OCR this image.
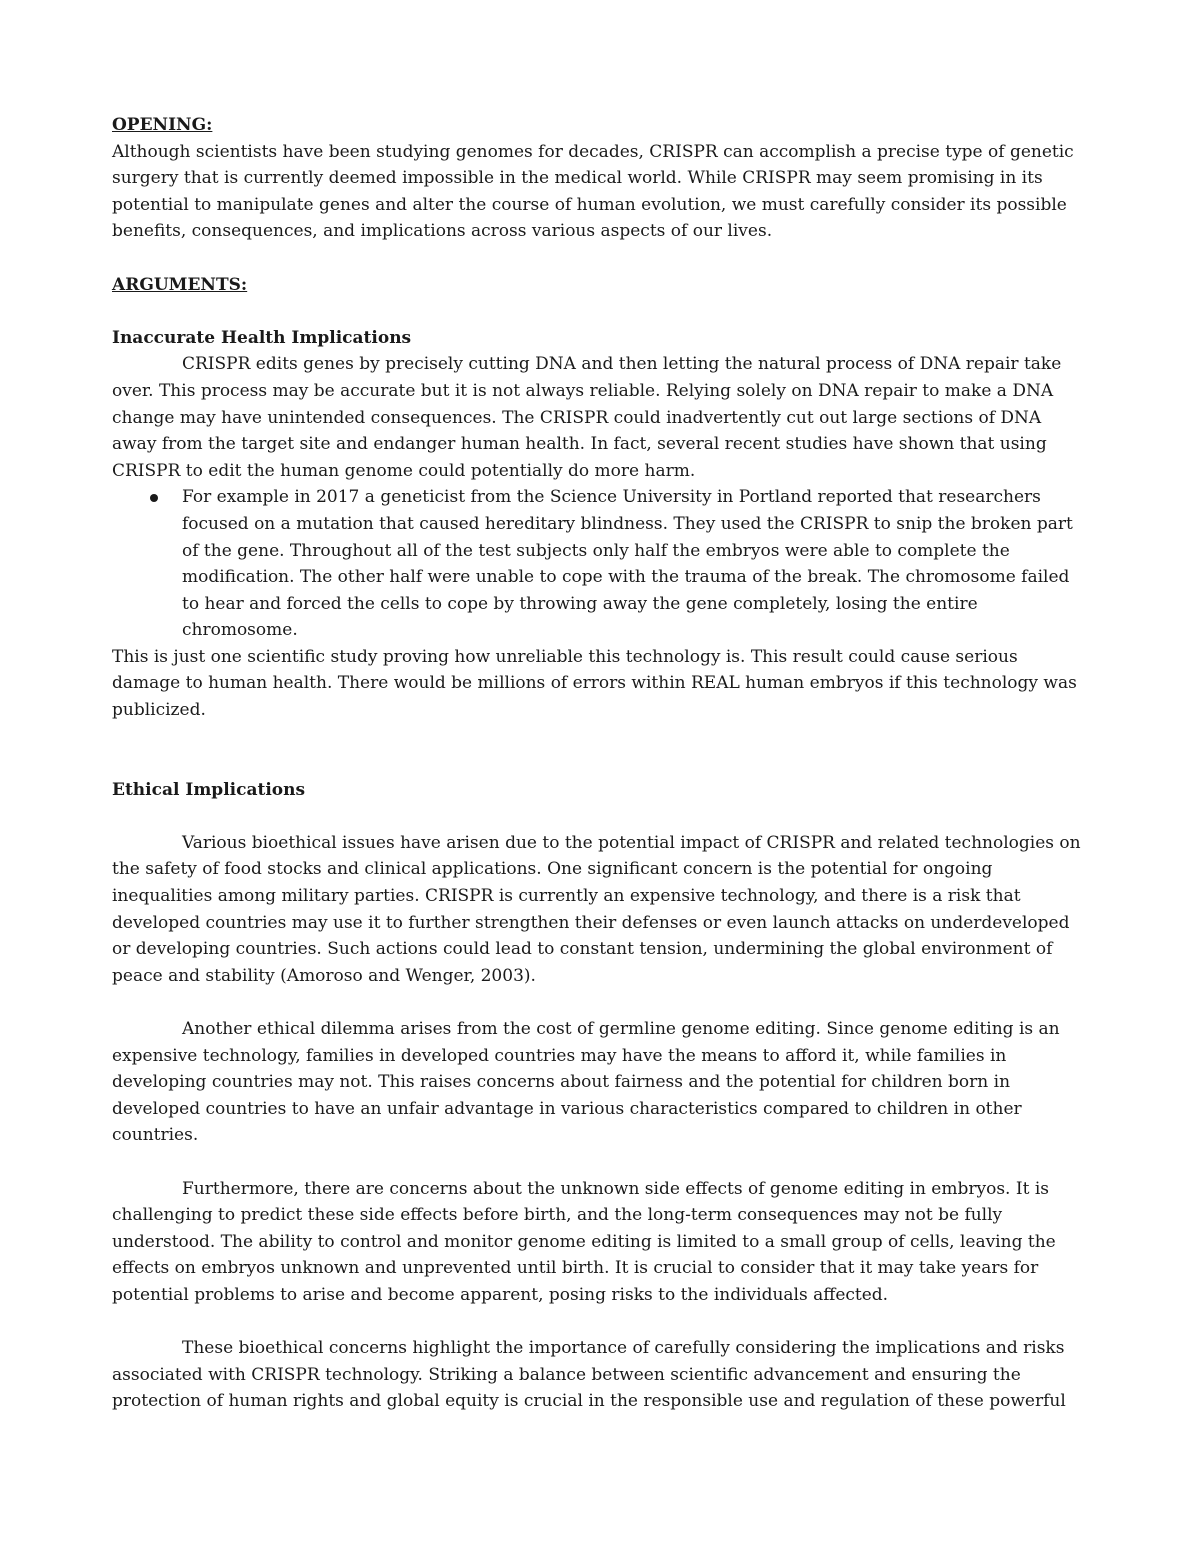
OPENING:

Although scientists have been studying genomes for decades, CRISPR can accomplish a precise type of genetic surgery that is currently deemed impossible in the medical world. While CRISPR may seem promising in its potential to manipulate genes and alter the course of human evolution, we must carefully consider its possible benefits, consequences, and implications across various aspects of our lives.

ARGUMENTS:

Inaccurate Health Implications

CRISPR edits genes by precisely cutting DNA and then letting the natural process of DNA repair take over. This process may be accurate but it is not always reliable. Relying solely on DNA repair to make a DNA change may have unintended consequences. The CRISPR could inadvertently cut out large sections of DNA away from the target site and endanger human health. In fact, several recent studies have shown that using CRISPR to edit the human genome could potentially do more harm.

For example in 2017 a geneticist from the Science University in Portland reported that researchers focused on a mutation that caused hereditary blindness. They used the CRISPR to snip the broken part of the gene. Throughout all of the test subjects only half the embryos were able to complete the modification. The other half were unable to cope with the trauma of the break. The chromosome failed to hear and forced the cells to cope by throwing away the gene completely, losing the entire chromosome.

This is just one scientific study proving how unreliable this technology is. This result could cause serious damage to human health. There would be millions of errors within REAL human embryos if this technology was publicized.

Ethical Implications

Various bioethical issues have arisen due to the potential impact of CRISPR and related technologies on the safety of food stocks and clinical applications. One significant concern is the potential for ongoing inequalities among military parties. CRISPR is currently an expensive technology, and there is a risk that developed countries may use it to further strengthen their defenses or even launch attacks on underdeveloped or developing countries. Such actions could lead to constant tension, undermining the global environment of peace and stability (Amoroso and Wenger, 2003).

Another ethical dilemma arises from the cost of germline genome editing. Since genome editing is an expensive technology, families in developed countries may have the means to afford it, while families in developing countries may not. This raises concerns about fairness and the potential for children born in developed countries to have an unfair advantage in various characteristics compared to children in other countries.

Furthermore, there are concerns about the unknown side effects of genome editing in embryos. It is challenging to predict these side effects before birth, and the long-term consequences may not be fully understood. The ability to control and monitor genome editing is limited to a small group of cells, leaving the effects on embryos unknown and unprevented until birth. It is crucial to consider that it may take years for potential problems to arise and become apparent, posing risks to the individuals affected.

These bioethical concerns highlight the importance of carefully considering the implications and risks associated with CRISPR technology. Striking a balance between scientific advancement and ensuring the protection of human rights and global equity is crucial in the responsible use and regulation of these powerful
